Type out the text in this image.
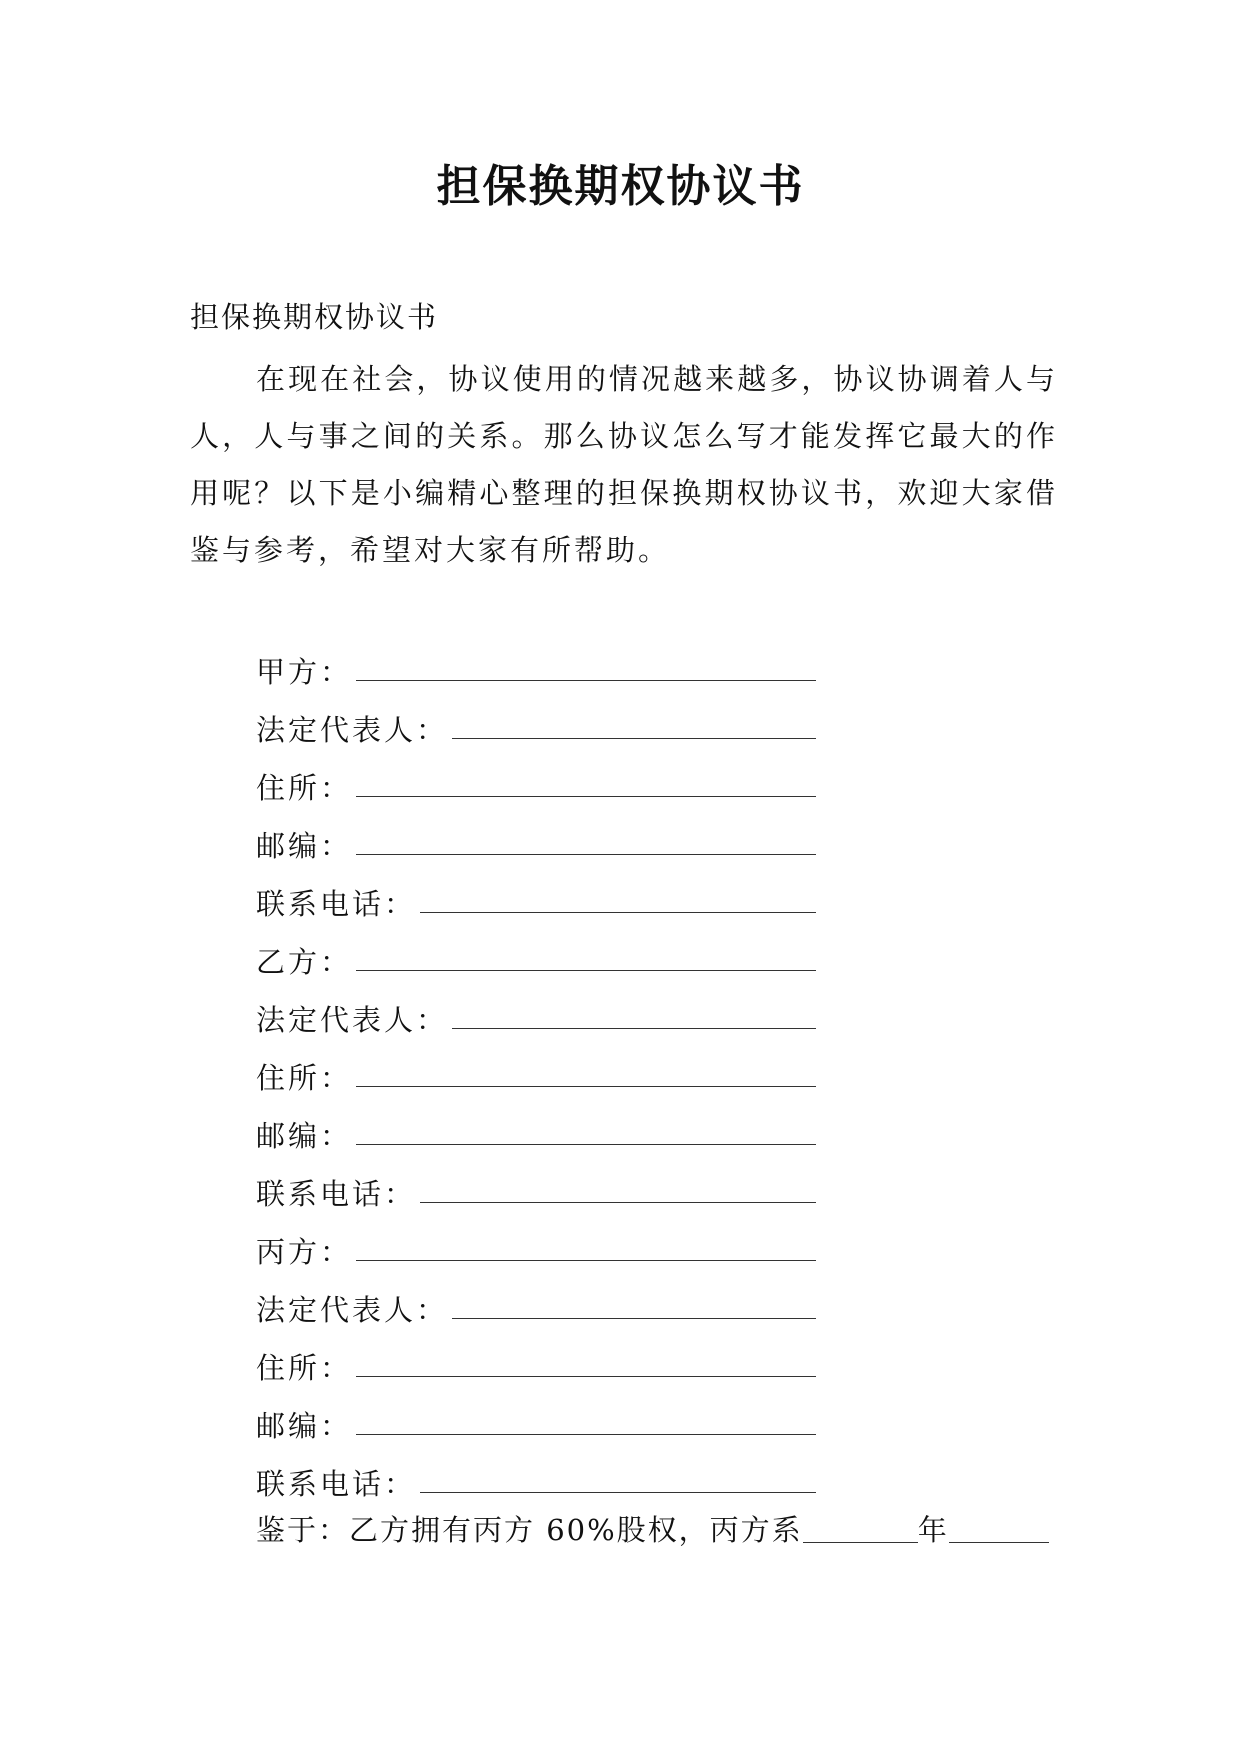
担保换期权协议书
担保换期权协议书

在现在社会，协议使用的情况越来越多，协议协调着人与人，人与事之间的关系。那么协议怎么写才能发挥它最大的作用呢？以下是小编精心整理的担保换期权协议书，欢迎大家借鉴与参考，希望对大家有所帮助。

甲方：
法定代表人：
住所：
邮编：
联系电话：
乙方：
法定代表人：
住所：
邮编：
联系电话：
丙方：
法定代表人：
住所：
邮编：
联系电话：
鉴于：乙方拥有丙方 60%股权，丙方系	年
